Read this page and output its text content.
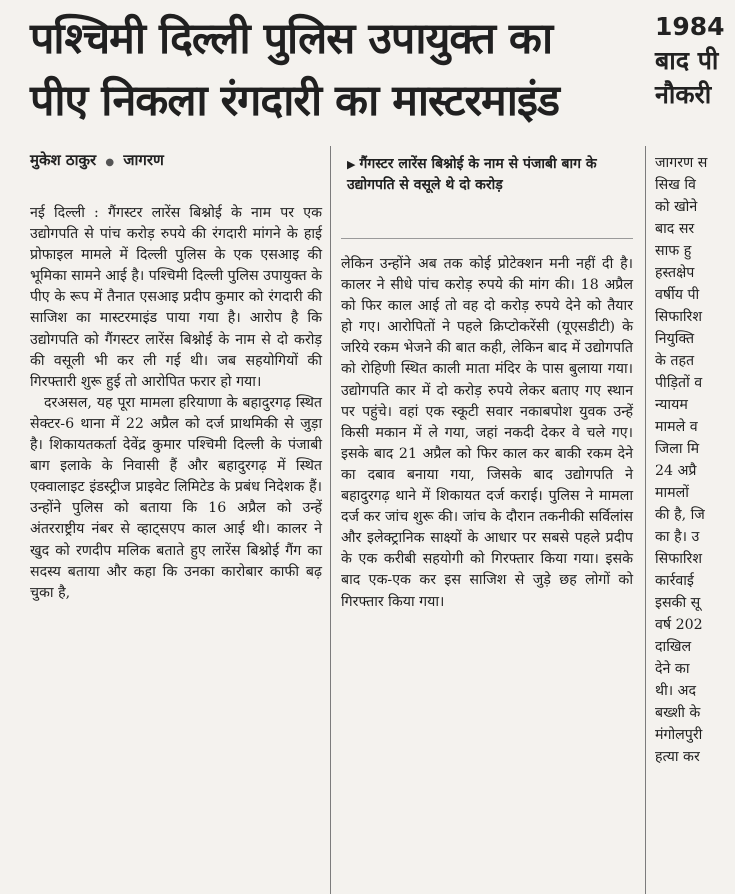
पश्चिमी दिल्ली पुलिस उपायुक्त का
पीए निकला रंगदारी का मास्टरमाइंड
मुकेश ठाकुर ● जागरण	▶ गैंगस्टर लारेंस बिश्नोई के नाम से पंजाबी बाग के उद्योगपति से वसूले थे दो करोड़

नई दिल्ली : गैंगस्टर लारेंस बिश्नोई के नाम पर एक उद्योगपति से पांच करोड़ रुपये की रंगदारी मांगने के हाई प्रोफाइल मामले में दिल्ली पुलिस के एक एसआइ की भूमिका सामने आई है। पश्चिमी दिल्ली पुलिस उपायुक्त के पीए के रूप में तैनात एसआइ प्रदीप कुमार को रंगदारी की साजिश का मास्टरमाइंड पाया गया है। आरोप है कि उद्योगपति को गैंगस्टर लारेंस बिश्नोई के नाम से दो करोड़ की वसूली भी कर ली गई थी। जब सहयोगियों की गिरफ्तारी शुरू हुई तो आरोपित फरार हो गया।

दरअसल, यह पूरा मामला हरियाणा के बहादुरगढ़ स्थित सेक्टर-6 थाना में 22 अप्रैल को दर्ज प्राथमिकी से जुड़ा है। शिकायतकर्ता देवेंद्र कुमार पश्चिमी दिल्ली के पंजाबी बाग इलाके के निवासी हैं और बहादुरगढ़ में स्थित एक्वालाइट इंडस्ट्रीज प्राइवेट लिमिटेड के प्रबंध निदेशक हैं। उन्होंने पुलिस को बताया कि 16 अप्रैल को उन्हें अंतरराष्ट्रीय नंबर से व्हाट्सएप काल आई थी। कालर ने खुद को रणदीप मलिक बताते हुए लारेंस बिश्नोई गैंग का सदस्य बताया और कहा कि उनका कारोबार काफी बढ़ चुका है,

लेकिन उन्होंने अब तक कोई प्रोटेक्शन मनी नहीं दी है। कालर ने सीधे पांच करोड़ रुपये की मांग की। 18 अप्रैल को फिर काल आई तो वह दो करोड़ रुपये देने को तैयार हो गए। आरोपितों ने पहले क्रिप्टोकरेंसी (यूएसडीटी) के जरिये रकम भेजने की बात कही, लेकिन बाद में उद्योगपति को रोहिणी स्थित काली माता मंदिर के पास बुलाया गया। उद्योगपति कार में दो करोड़ रुपये लेकर बताए गए स्थान पर पहुंचे। वहां एक स्कूटी सवार नकाबपोश युवक उन्हें किसी मकान में ले गया, जहां नकदी देकर वे चले गए। इसके बाद 21 अप्रैल को फिर काल कर बाकी रकम देने का दबाव बनाया गया, जिसके बाद उद्योगपति ने बहादुरगढ़ थाने में शिकायत दर्ज कराई। पुलिस ने मामला दर्ज कर जांच शुरू की। जांच के दौरान तकनीकी सर्विलांस और इलेक्ट्रानिक साक्ष्यों के आधार पर सबसे पहले प्रदीप के एक करीबी सहयोगी को गिरफ्तार किया गया। इसके बाद एक-एक कर इस साजिश से जुड़े छह लोगों को गिरफ्तार किया गया।

1984
बाद पी
नौकरी
जागरण स
सिख वि
को खोने
बाद सर
साफ हु
हस्तक्षेप
वर्षीय पी
सिफारिश
नियुक्ति
के तहत
पीड़ितों व
न्यायम
मामले व
जिला मि
24 अप्रै
मामलों
की है, जि
का है। उ
सिफारिश
कार्रवाई
इसकी सू
वर्ष 202
दाखिल
देने का
थी। अद
बख्शी के
मंगोलपुरी
हत्या कर
